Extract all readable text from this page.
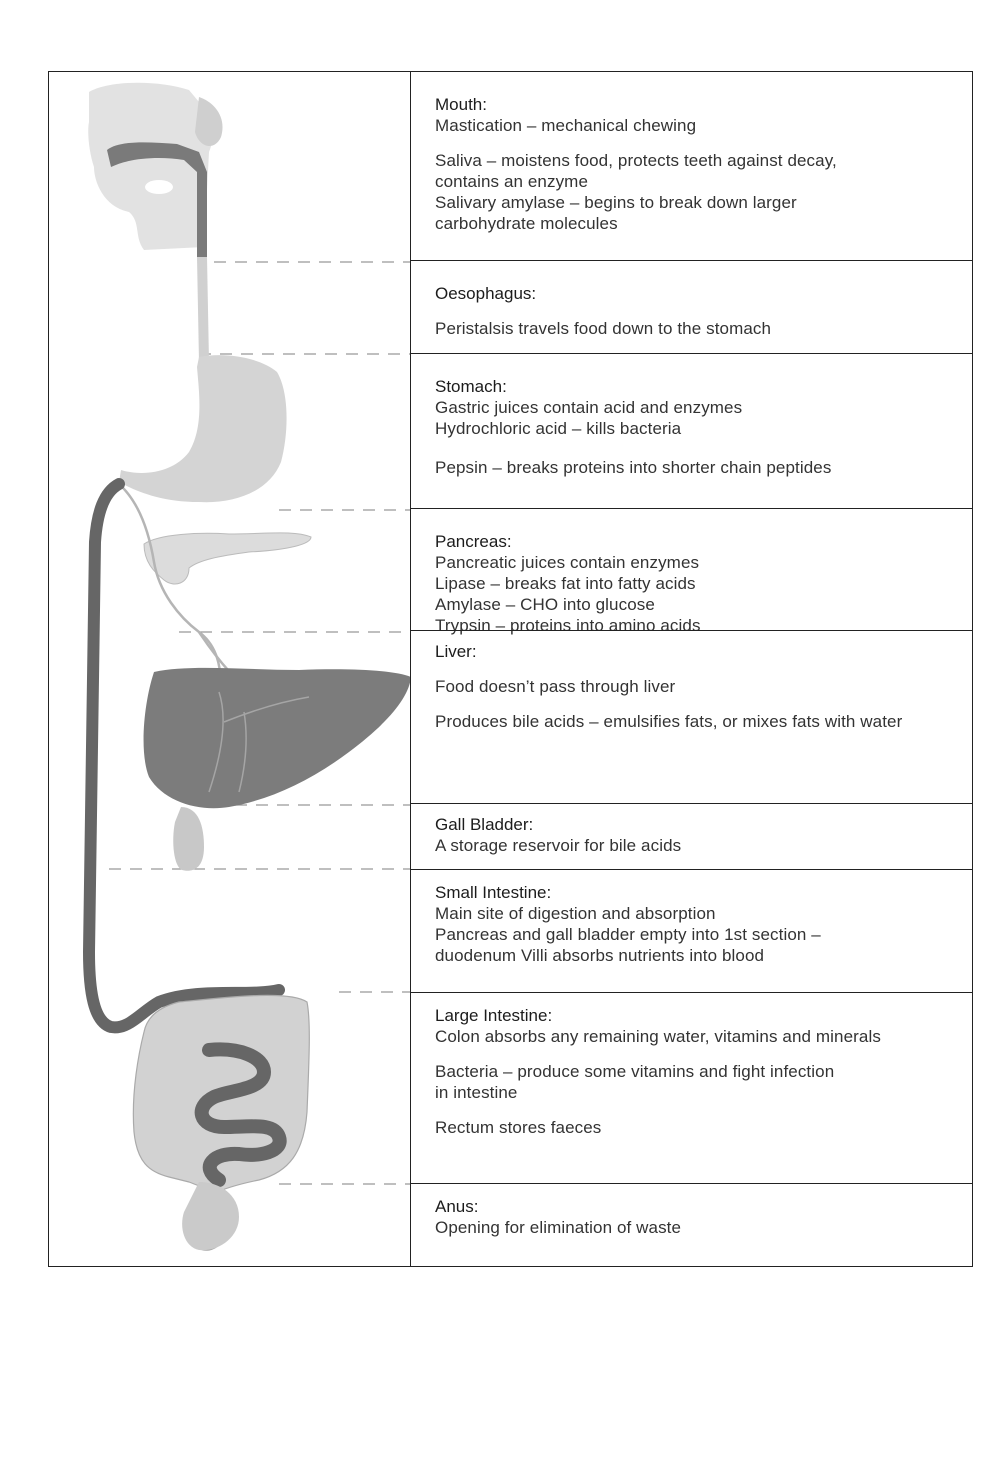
Mouth:

Mastication – mechanical chewing

Saliva – moistens food, protects teeth against decay,

contains an enzyme

Salivary amylase – begins to break down larger

carbohydrate molecules

Oesophagus:

Peristalsis travels food down to the stomach

Stomach:

Gastric juices contain acid and enzymes

Hydrochloric acid – kills bacteria

Pepsin – breaks proteins into shorter chain peptides

Pancreas:

Pancreatic juices contain enzymes

Lipase – breaks fat into fatty acids

Amylase – CHO into glucose

Trypsin – proteins into amino acids

Liver:

Food doesn’t pass through liver

Produces bile acids – emulsifies fats, or mixes fats with water

Gall Bladder:

A storage reservoir for bile acids

Small Intestine:

Main site of digestion and absorption

Pancreas and gall bladder empty into 1st section –

duodenum Villi absorbs nutrients into blood

Large Intestine:

Colon absorbs any remaining water, vitamins and minerals

Bacteria – produce some vitamins and fight infection

in intestine

Rectum stores faeces

Anus:

Opening for elimination of waste
